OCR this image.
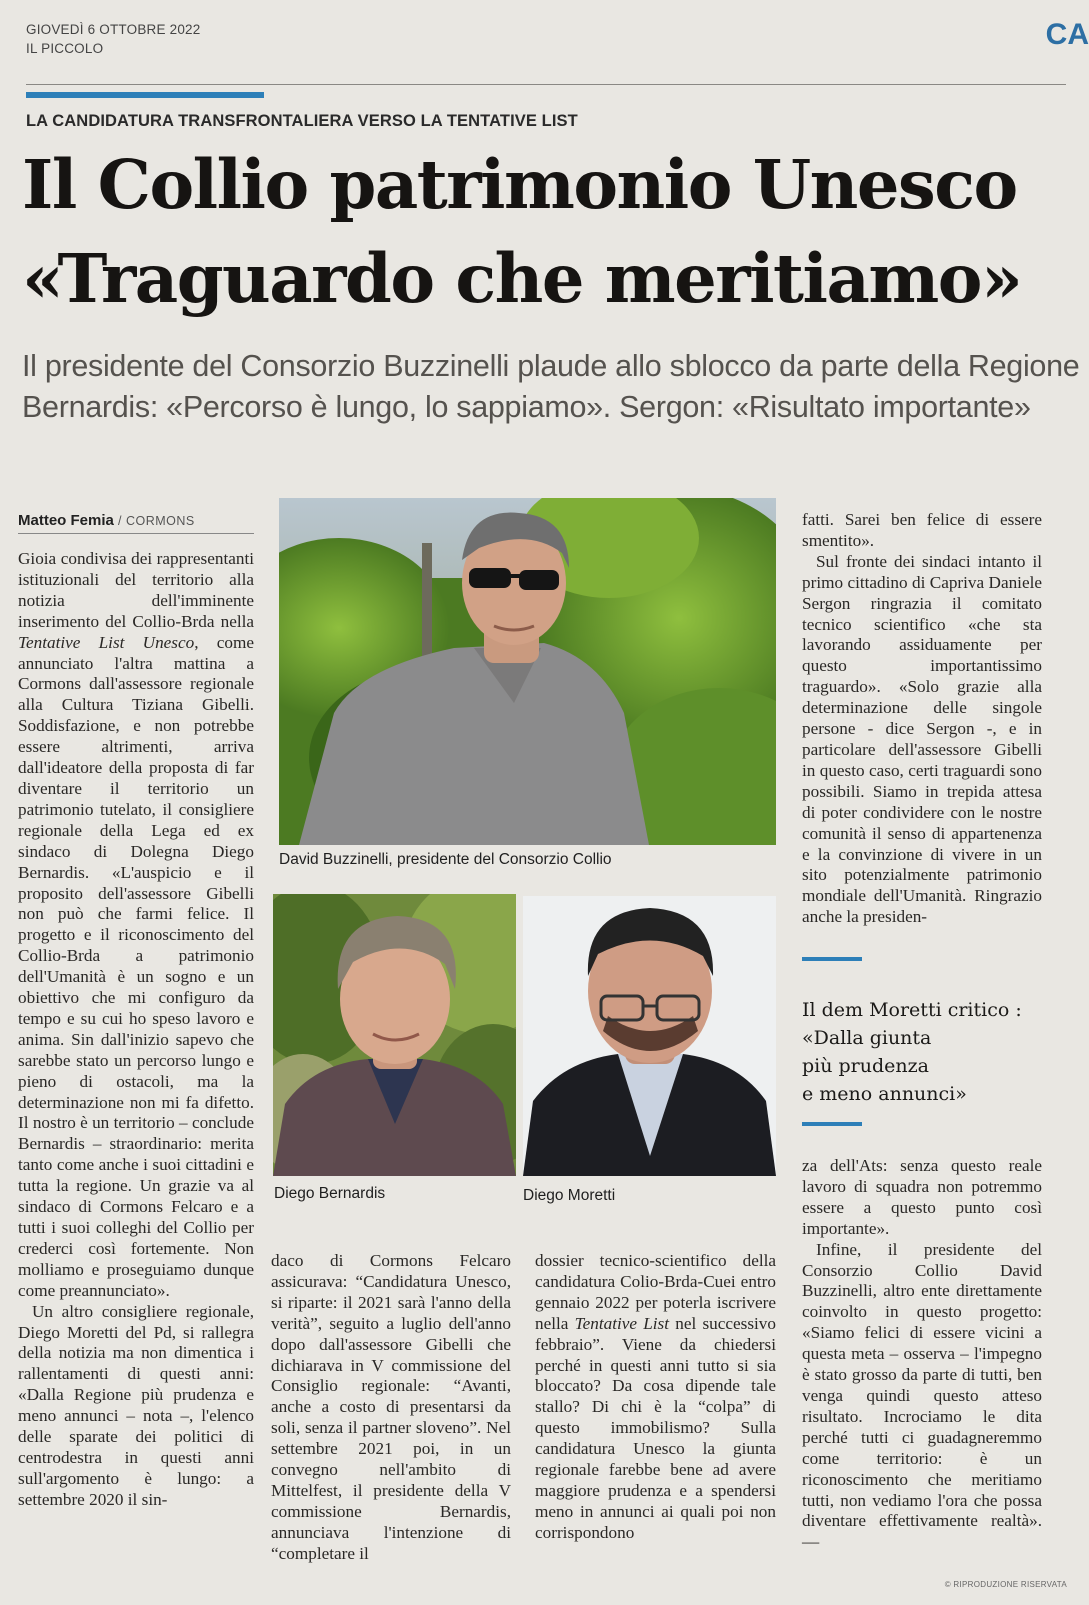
GIOVEDÌ 6 OTTOBRE 2022
IL PICCOLO	CA
LA CANDIDATURA TRANSFRONTALIERA VERSO LA TENTATIVE LIST
Il Collio patrimonio Unesco
«Traguardo che meritiamo»
Il presidente del Consorzio Buzzinelli plaude allo sblocco da parte della Regione
Bernardis: «Percorso è lungo, lo sappiamo». Sergon: «Risultato importante»
Matteo Femia / CORMONS

Gioia condivisa dei rappresentanti istituzionali del territorio alla notizia dell'imminente inserimento del Collio-Brda nella Tentative List Unesco, come annunciato l'altra mattina a Cormons dall'assessore regionale alla Cultura Tiziana Gibelli. Soddisfazione, e non potrebbe essere altrimenti, arriva dall'ideatore della proposta di far diventare il territorio un patrimonio tutelato, il consigliere regionale della Lega ed ex sindaco di Dolegna Diego Bernardis. «L'auspicio e il proposito dell'assessore Gibelli non può che farmi felice. Il progetto e il riconoscimento del Collio-Brda a patrimonio dell'Umanità è un sogno e un obiettivo che mi configuro da tempo e su cui ho speso lavoro e anima. Sin dall'inizio sapevo che sarebbe stato un percorso lungo e pieno di ostacoli, ma la determinazione non mi fa difetto. Il nostro è un territorio – conclude Bernardis – straordinario: merita tanto come anche i suoi cittadini e tutta la regione. Un grazie va al sindaco di Cormons Felcaro e a tutti i suoi colleghi del Collio per crederci così fortemente. Non molliamo e proseguiamo dunque come preannunciato».

Un altro consigliere regionale, Diego Moretti del Pd, si rallegra della notizia ma non dimentica i rallentamenti di questi anni: «Dalla Regione più prudenza e meno annunci – nota –, l'elenco delle sparate dei politici di centrodestra in questi anni sull'argomento è lungo: a settembre 2020 il sin-

David Buzzinelli, presidente del Consorzio Collio
Diego Bernardis	Diego Moretti

daco di Cormons Felcaro assicurava: “Candidatura Unesco, si riparte: il 2021 sarà l'anno della verità”, seguito a luglio dell'anno dopo dall'assessore Gibelli che dichiarava in V commissione del Consiglio regionale: “Avanti, anche a costo di presentarsi da soli, senza il partner sloveno”. Nel settembre 2021 poi, in un convegno nell'ambito di Mittelfest, il presidente della V commissione Bernardis, annunciava l'intenzione di “completare il

dossier tecnico-scientifico della candidatura Colio-Brda-Cuei entro gennaio 2022 per poterla iscrivere nella Tentative List nel successivo febbraio”. Viene da chiedersi perché in questi anni tutto si sia bloccato? Da cosa dipende tale stallo? Di chi è la “colpa” di questo immobilismo? Sulla candidatura Unesco la giunta regionale farebbe bene ad avere maggiore prudenza e a spendersi meno in annunci ai quali poi non corrispondono

fatti. Sarei ben felice di essere smentito».

Sul fronte dei sindaci intanto il primo cittadino di Capriva Daniele Sergon ringrazia il comitato tecnico scientifico «che sta lavorando assiduamente per questo importantissimo traguardo». «Solo grazie alla determinazione delle singole persone - dice Sergon -, e in particolare dell'assessore Gibelli in questo caso, certi traguardi sono possibili. Siamo in trepida attesa di poter condividere con le nostre comunità il senso di appartenenza e la convinzione di vivere in un sito potenzialmente patrimonio mondiale dell'Umanità. Ringrazio anche la presiden-

Il dem Moretti critico :
«Dalla giunta
più prudenza
e meno annunci»

za dell'Ats: senza questo reale lavoro di squadra non potremmo essere a questo punto così importante».

Infine, il presidente del Consorzio Collio David Buzzinelli, altro ente direttamente coinvolto in questo progetto: «Siamo felici di essere vicini a questa meta – osserva – l'impegno è stato grosso da parte di tutti, ben venga quindi questo atteso risultato. Incrociamo le dita perché tutti ci guadagneremmo come territorio: è un riconoscimento che meritiamo tutti, non vediamo l'ora che possa diventare effettivamente realtà». —

© RIPRODUZIONE RISERVATA
